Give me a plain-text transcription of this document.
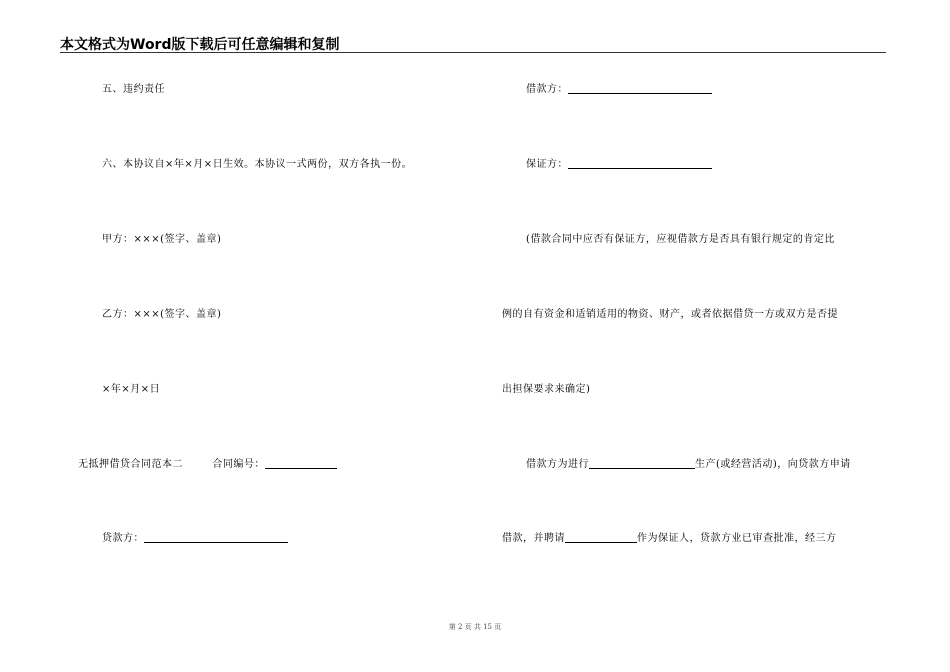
本文格式为Word版下载后可任意编辑和复制
五、违约责任
六、本协议自×年×月×日生效。本协议一式两份，双方各执一份。
甲方：×××(签字、盖章)
乙方：×××(签字、盖章)
×年×月×日
无抵押借贷合同范本二	合同编号：
贷款方：
借款方：
保证方：
(借款合同中应否有保证方，应视借款方是否具有银行规定的肯定比
例的自有资金和适销适用的物资、财产，或者依据借贷一方或双方是否提
出担保要求来确定)
借款方为进行	生产(或经营活动)，向贷款方申请
借款，并聘请	作为保证人，贷款方业已审查批准，经三方
第 2 页 共 15 页
